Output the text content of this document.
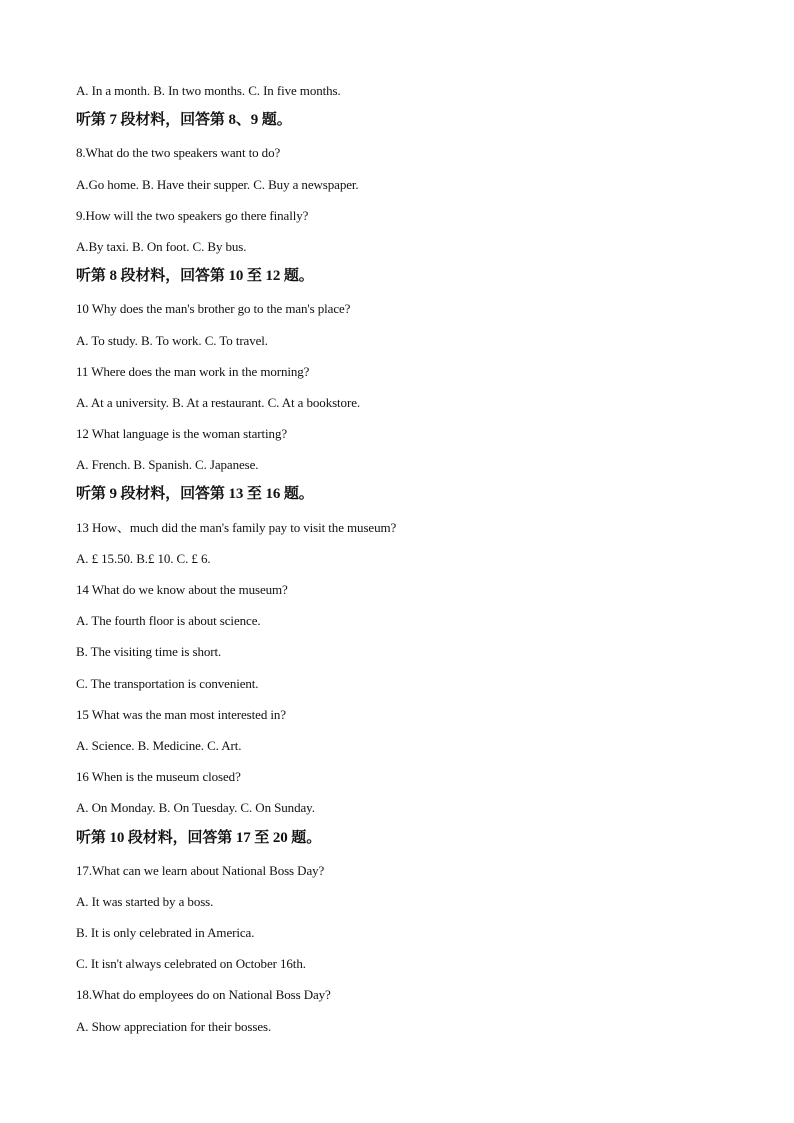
A. In a month. B. In two months. C. In five months.
听第 7 段材料，回答第 8、9 题。
8.What do the two speakers want to do?
A.Go home. B. Have their supper. C. Buy a newspaper.
9.How will the two speakers go there finally?
A.By taxi. B. On foot. C. By bus.
听第 8 段材料，回答第 10 至 12 题。
10 Why does the man's brother go to the man's place?
A. To study. B. To work. C. To travel.
11 Where does the man work in the morning?
A. At a university. B. At a restaurant. C. At a bookstore.
12 What language is the woman starting?
A. French. B. Spanish. C. Japanese.
听第 9 段材料，回答第 13 至 16 题。
13 How、much did the man's family pay to visit the museum?
A. £ 15.50. B.£ 10. C. £ 6.
14 What do we know about the museum?
A. The fourth floor is about science.
B. The visiting time is short.
C. The transportation is convenient.
15 What was the man most interested in?
A. Science. B. Medicine. C. Art.
16 When is the museum closed?
A. On Monday. B. On Tuesday. C. On Sunday.
听第 10 段材料，回答第 17 至 20 题。
17.What can we learn about National Boss Day?
A. It was started by a boss.
B. It is only celebrated in America.
C. It isn't always celebrated on October 16th.
18.What do employees do on National Boss Day?
A. Show appreciation for their bosses.
